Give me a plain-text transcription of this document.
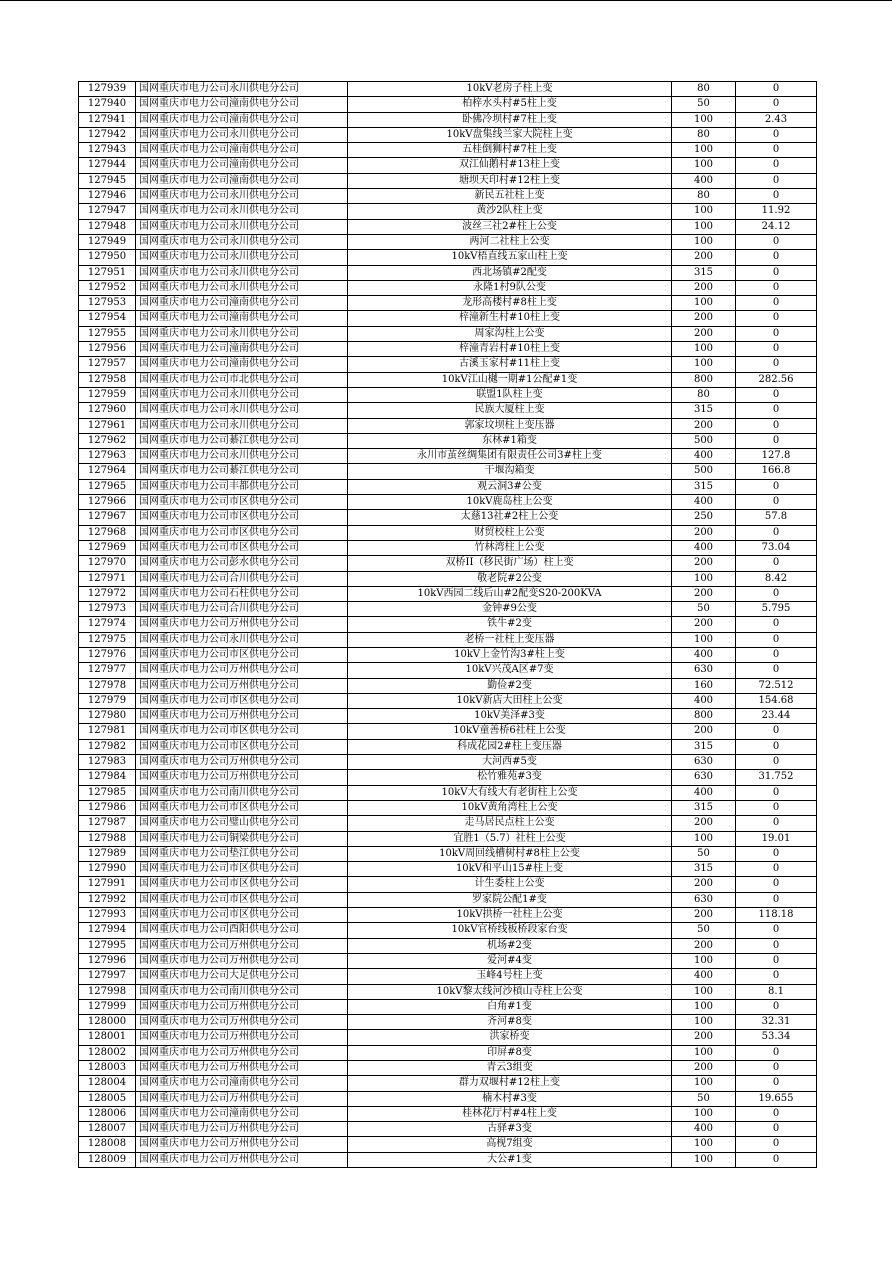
127939	国网重庆市电力公司永川供电分公司	10kV老房子柱上变	80	0
127940	国网重庆市电力公司潼南供电分公司	柏梓水头村#5柱上变	50	0
127941	国网重庆市电力公司潼南供电分公司	卧佛冷坝村#7柱上变	100	2.43
127942	国网重庆市电力公司永川供电分公司	10kV盘集线兰家大院柱上变	80	0
127943	国网重庆市电力公司潼南供电分公司	五桂倒狮村#7柱上变	100	0
127944	国网重庆市电力公司潼南供电分公司	双江仙鹅村#13柱上变	100	0
127945	国网重庆市电力公司潼南供电分公司	塘坝天印村#12柱上变	400	0
127946	国网重庆市电力公司永川供电分公司	新民五社柱上变	80	0
127947	国网重庆市电力公司永川供电分公司	黄沙2队柱上变	100	11.92
127948	国网重庆市电力公司永川供电分公司	波丝三社2#柱上公变	100	24.12
127949	国网重庆市电力公司永川供电分公司	两河二社柱上公变	100	0
127950	国网重庆市电力公司永川供电分公司	10kV梧直线五家山柱上变	200	0
127951	国网重庆市电力公司永川供电分公司	西北场镇#2配变	315	0
127952	国网重庆市电力公司永川供电分公司	永隆1村9队公变	200	0
127953	国网重庆市电力公司潼南供电分公司	龙形高楼村#8柱上变	100	0
127954	国网重庆市电力公司潼南供电分公司	梓潼新生村#10柱上变	200	0
127955	国网重庆市电力公司永川供电分公司	周家沟柱上公变	200	0
127956	国网重庆市电力公司潼南供电分公司	梓潼青岩村#10柱上变	100	0
127957	国网重庆市电力公司潼南供电分公司	古溪玉家村#11柱上变	100	0
127958	国网重庆市电力公司市北供电分公司	10kV江山樾一期#1公配#1变	800	282.56
127959	国网重庆市电力公司永川供电分公司	联盟1队柱上变	80	0
127960	国网重庆市电力公司永川供电分公司	民族大厦柱上变	315	0
127961	国网重庆市电力公司永川供电分公司	郭家坟坝柱上变压器	200	0
127962	国网重庆市电力公司綦江供电分公司	东林#1箱变	500	0
127963	国网重庆市电力公司永川供电分公司	永川市茧丝绸集团有限责任公司3#柱上变	400	127.8
127964	国网重庆市电力公司綦江供电分公司	干堰沟箱变	500	166.8
127965	国网重庆市电力公司丰都供电分公司	观云洞3#公变	315	0
127966	国网重庆市电力公司市区供电分公司	10kV鹿岛柱上公变	400	0
127967	国网重庆市电力公司市区供电分公司	太慈13社#2柱上公变	250	57.8
127968	国网重庆市电力公司市区供电分公司	财贸校柱上公变	200	0
127969	国网重庆市电力公司市区供电分公司	竹林湾柱上公变	400	73.04
127970	国网重庆市电力公司彭水供电分公司	双桥II（移民街广场）柱上变	200	0
127971	国网重庆市电力公司合川供电分公司	敬老院#2公变	100	8.42
127972	国网重庆市电力公司石柱供电分公司	10kV西园二线后山#2配变S20-200KVA	200	0
127973	国网重庆市电力公司合川供电分公司	金钟#9公变	50	5.795
127974	国网重庆市电力公司万州供电分公司	铁牛#2变	200	0
127975	国网重庆市电力公司永川供电分公司	老桥一社柱上变压器	100	0
127976	国网重庆市电力公司市区供电分公司	10kV上金竹沟3#柱上变	400	0
127977	国网重庆市电力公司万州供电分公司	10kV兴茂A区#7变	630	0
127978	国网重庆市电力公司万州供电分公司	勤俭#2变	160	72.512
127979	国网重庆市电力公司市区供电分公司	10kV新店大田柱上公变	400	154.68
127980	国网重庆市电力公司万州供电分公司	10kV美泽#3变	800	23.44
127981	国网重庆市电力公司市区供电分公司	10kV童善桥6社柱上公变	200	0
127982	国网重庆市电力公司市区供电分公司	科成花园2#柱上变压器	315	0
127983	国网重庆市电力公司万州供电分公司	大河西#5变	630	0
127984	国网重庆市电力公司万州供电分公司	松竹雅苑#3变	630	31.752
127985	国网重庆市电力公司南川供电分公司	10kV大有线大有老街柱上公变	400	0
127986	国网重庆市电力公司市区供电分公司	10kV黄角湾柱上公变	315	0
127987	国网重庆市电力公司璧山供电分公司	走马居民点柱上公变	200	0
127988	国网重庆市电力公司铜梁供电分公司	宜胜1（5.7）社柱上公变	100	19.01
127989	国网重庆市电力公司垫江供电分公司	10kV周回线槽树村#8柱上公变	50	0
127990	国网重庆市电力公司市区供电分公司	10kV和平山15#柱上变	315	0
127991	国网重庆市电力公司市区供电分公司	计生委柱上公变	200	0
127992	国网重庆市电力公司市区供电分公司	罗家院公配1#变	630	0
127993	国网重庆市电力公司市区供电分公司	10kV拱桥一社柱上公变	200	118.18
127994	国网重庆市电力公司酉阳供电分公司	10kV官桥线板桥段家台变	50	0
127995	国网重庆市电力公司万州供电分公司	机场#2变	200	0
127996	国网重庆市电力公司万州供电分公司	爱河#4变	100	0
127997	国网重庆市电力公司大足供电分公司	玉峰4号柱上变	400	0
127998	国网重庆市电力公司南川供电分公司	10kV黎太线河沙槓山寺柱上公变	100	8.1
127999	国网重庆市电力公司万州供电分公司	白角#1变	100	0
128000	国网重庆市电力公司万州供电分公司	齐河#8变	100	32.31
128001	国网重庆市电力公司万州供电分公司	洪家桥变	200	53.34
128002	国网重庆市电力公司万州供电分公司	印屏#8变	100	0
128003	国网重庆市电力公司万州供电分公司	青云3组变	200	0
128004	国网重庆市电力公司潼南供电分公司	群力双堰村#12柱上变	100	0
128005	国网重庆市电力公司万州供电分公司	楠木村#3变	50	19.655
128006	国网重庆市电力公司潼南供电分公司	桂林花厅村#4柱上变	100	0
128007	国网重庆市电力公司万州供电分公司	古驿#3变	400	0
128008	国网重庆市电力公司万州供电分公司	高枧7组变	100	0
128009	国网重庆市电力公司万州供电分公司	大公#1变	100	0
